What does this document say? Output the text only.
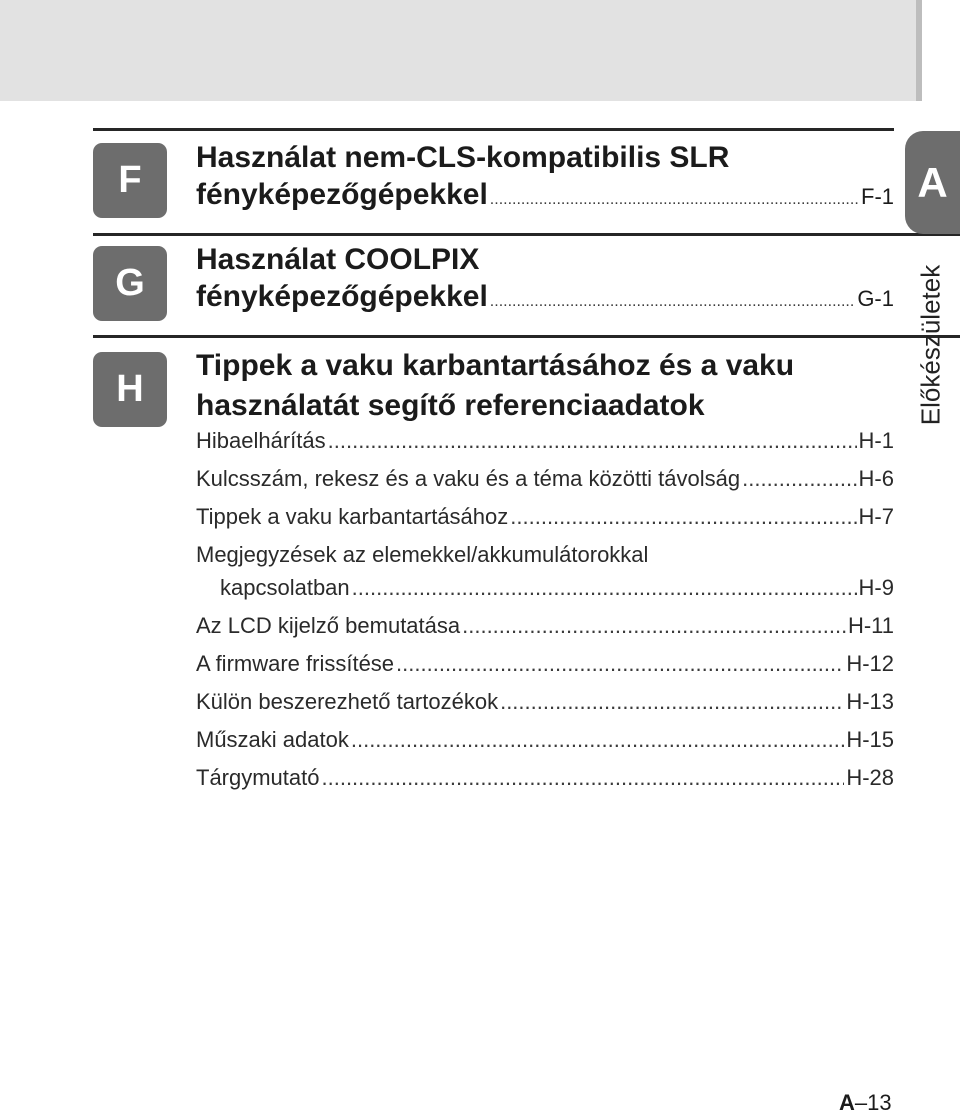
A
Előkészületek
F
Használat nem-CLS-kompatibilis SLR
fényképezőgépekkel .....	F-1
G
Használat COOLPIX
fényképezőgépekkel .....	G-1
H
Tippek a vaku karbantartásához és a vaku
használatát segítő referenciaadatok
Hibaelhárítás .....	H-1
Kulcsszám, rekesz és a vaku és a téma közötti távolság .....	H-6
Tippek a vaku karbantartásához .....	H-7
Megjegyzések az elemekkel/akkumulátorokkal
kapcsolatban .....	H-9
Az LCD kijelző bemutatása .....	H-11
A firmware frissítése .....	H-12
Külön beszerezhető tartozékok .....	H-13
Műszaki adatok .....	H-15
Tárgymutató .....	H-28
A–13
